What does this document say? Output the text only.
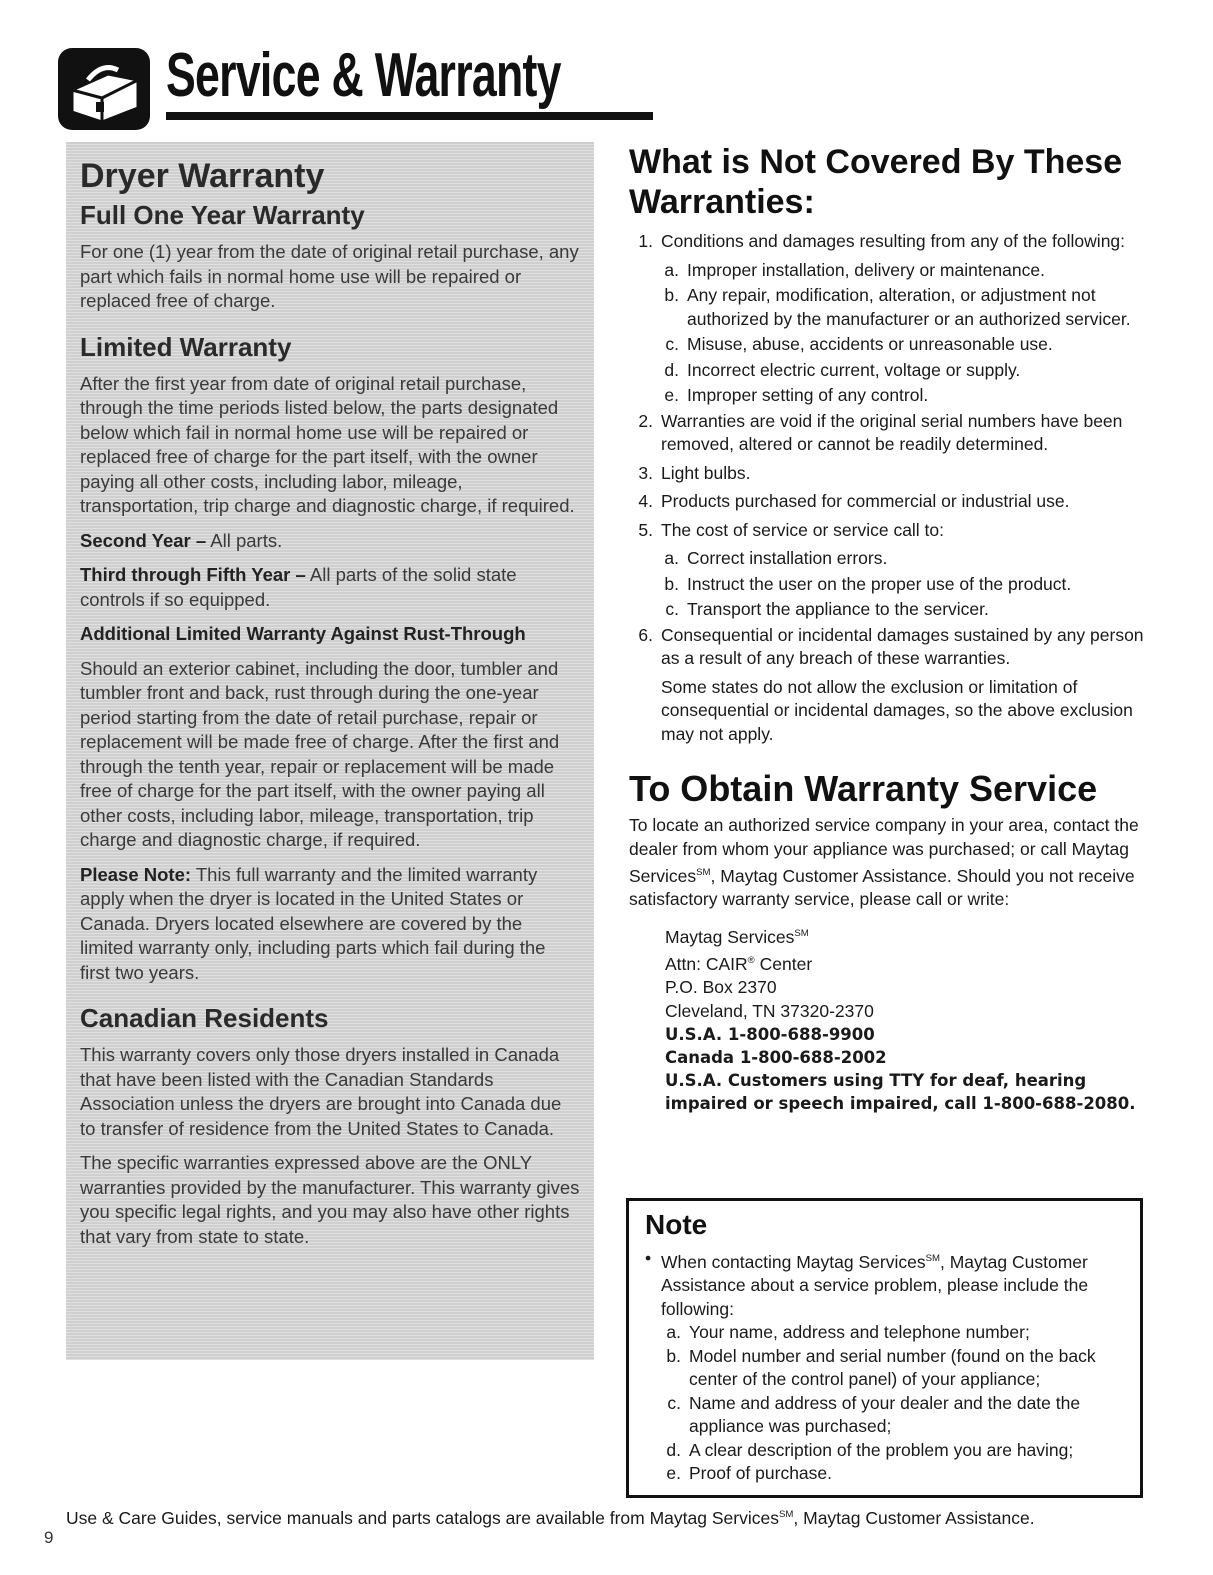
Service & Warranty
Dryer Warranty
Full One Year Warranty

For one (1) year from the date of original retail purchase, any part which fails in normal home use will be repaired or replaced free of charge.

Limited Warranty

After the first year from date of original retail purchase, through the time periods listed below, the parts designated below which fail in normal home use will be repaired or replaced free of charge for the part itself, with the owner paying all other costs, including labor, mileage, transportation, trip charge and diagnostic charge, if required.

Second Year – All parts.

Third through Fifth Year – All parts of the solid state controls if so equipped.

Additional Limited Warranty Against Rust-Through

Should an exterior cabinet, including the door, tumbler and tumbler front and back, rust through during the one-year period starting from the date of retail purchase, repair or replacement will be made free of charge. After the first and through the tenth year, repair or replacement will be made free of charge for the part itself, with the owner paying all other costs, including labor, mileage, transportation, trip charge and diagnostic charge, if required.

Please Note: This full warranty and the limited warranty apply when the dryer is located in the United States or Canada. Dryers located elsewhere are covered by the limited warranty only, including parts which fail during the first two years.

Canadian Residents

This warranty covers only those dryers installed in Canada that have been listed with the Canadian Standards Association unless the dryers are brought into Canada due to transfer of residence from the United States to Canada.

The specific warranties expressed above are the ONLY warranties provided by the manufacturer. This warranty gives you specific legal rights, and you may also have other rights that vary from state to state.

What is Not Covered By These Warranties:
1. Conditions and damages resulting from any of the following:
a. Improper installation, delivery or maintenance.
b. Any repair, modification, alteration, or adjustment not authorized by the manufacturer or an authorized servicer.
c. Misuse, abuse, accidents or unreasonable use.
d. Incorrect electric current, voltage or supply.
e. Improper setting of any control.
2. Warranties are void if the original serial numbers have been removed, altered or cannot be readily determined.
3. Light bulbs.
4. Products purchased for commercial or industrial use.
5. The cost of service or service call to:
a. Correct installation errors.
b. Instruct the user on the proper use of the product.
c. Transport the appliance to the servicer.
6. Consequential or incidental damages sustained by any person as a result of any breach of these warranties.
Some states do not allow the exclusion or limitation of consequential or incidental damages, so the above exclusion may not apply.
To Obtain Warranty Service

To locate an authorized service company in your area, contact the dealer from whom your appliance was purchased; or call Maytag Services℠, Maytag Customer Assistance. Should you not receive satisfactory warranty service, please call or write:

Maytag Services℠
Attn: CAIR® Center
P.O. Box 2370
Cleveland, TN 37320-2370
U.S.A. 1-800-688-9900
Canada 1-800-688-2002
U.S.A. Customers using TTY for deaf, hearing
impaired or speech impaired, call 1-800-688-2080.
Note
• When contacting Maytag Services℠, Maytag Customer Assistance about a service problem, please include the following:
a. Your name, address and telephone number;
b. Model number and serial number (found on the back center of the control panel) of your appliance;
c. Name and address of your dealer and the date the appliance was purchased;
d. A clear description of the problem you are having;
e. Proof of purchase.
Use & Care Guides, service manuals and parts catalogs are available from Maytag Services℠, Maytag Customer Assistance.
9
